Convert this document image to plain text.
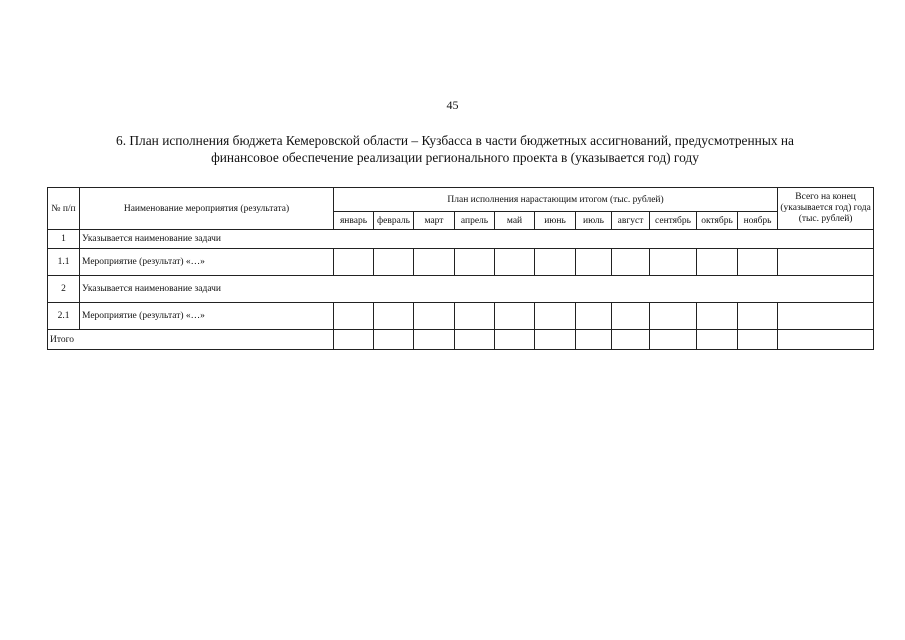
45
6. План исполнения бюджета Кемеровской области – Кузбасса в части бюджетных ассигнований, предусмотренных на
финансовое обеспечение реализации регионального проекта в (указывается год) году
№ п/п	Наименование мероприятия (результата)	План исполнения нарастающим итогом (тыс. рублей)											Всего на конец (указывается год) года (тыс. рублей)
		январь	февраль	март	апрель	май	июнь	июль	август	сентябрь	октябрь	ноябрь	
1	Указывается наименование задачи												
1.1	Мероприятие (результат) «…»												
2	Указывается наименование задачи												
2.1	Мероприятие (результат) «…»												
Итого													
